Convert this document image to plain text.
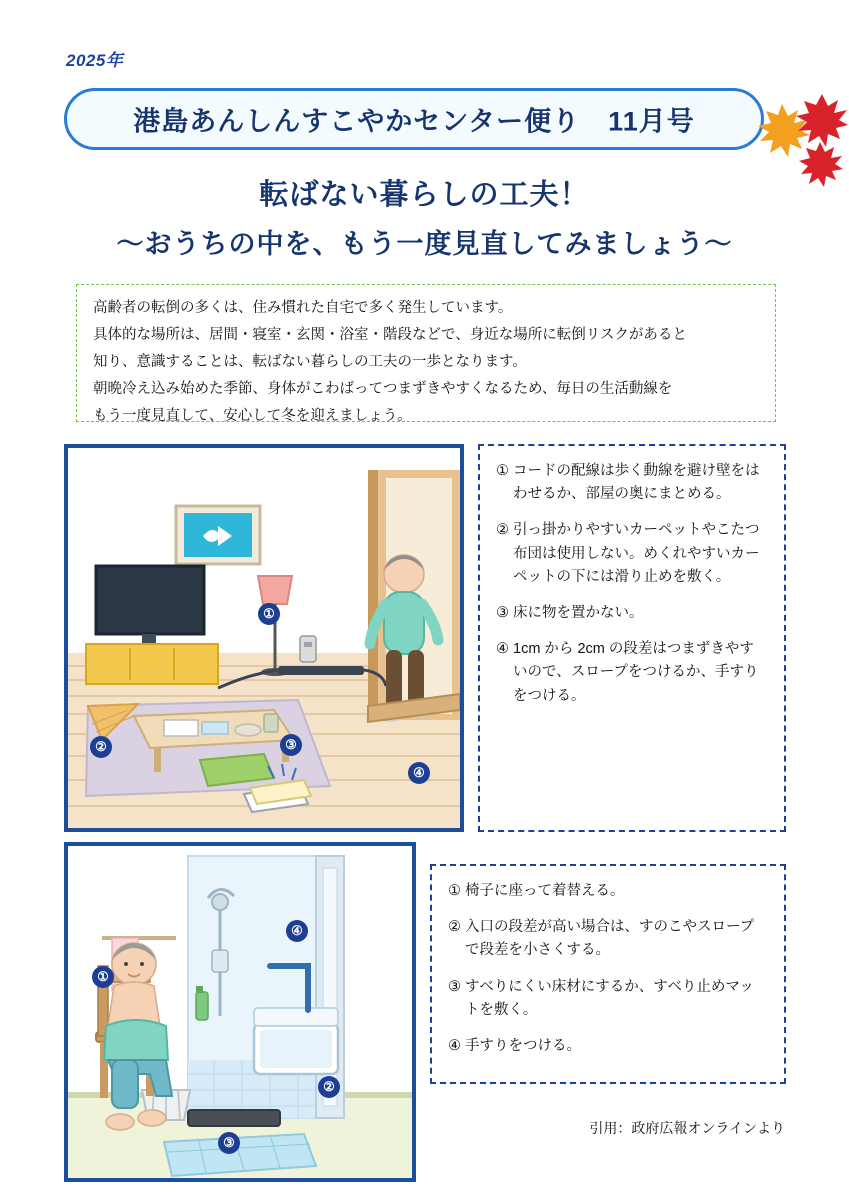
2025年
港島あんしんすこやかセンター便り　11月号
転ばない暮らしの工夫！
～おうちの中を、もう一度見直してみましょう～

高齢者の転倒の多くは、住み慣れた自宅で多く発生しています。

具体的な場所は、居間・寝室・玄関・浴室・階段などで、身近な場所に転倒リスクがあると

知り、意識することは、転ばない暮らしの工夫の一歩となります。

朝晩冷え込み始めた季節、身体がこわばってつまずきやすくなるため、毎日の生活動線を

もう一度見直して、安心して冬を迎えましょう。

①
②	③
④
① コードの配線は歩く動線を避け壁をはわせるか、部屋の奥にまとめる。
② 引っ掛かりやすいカーペットやこたつ布団は使用しない。めくれやすいカーペットの下には滑り止めを敷く。
③ 床に物を置かない。
④ 1cm から 2cm の段差はつまずきやすいので、スロープをつけるか、手すりをつける。
①
②
③
④
① 椅子に座って着替える。
② 入口の段差が高い場合は、すのこやスロープで段差を小さくする。
③ すべりにくい床材にするか、すべり止めマットを敷く。
④ 手すりをつける。
引用：政府広報オンラインより
